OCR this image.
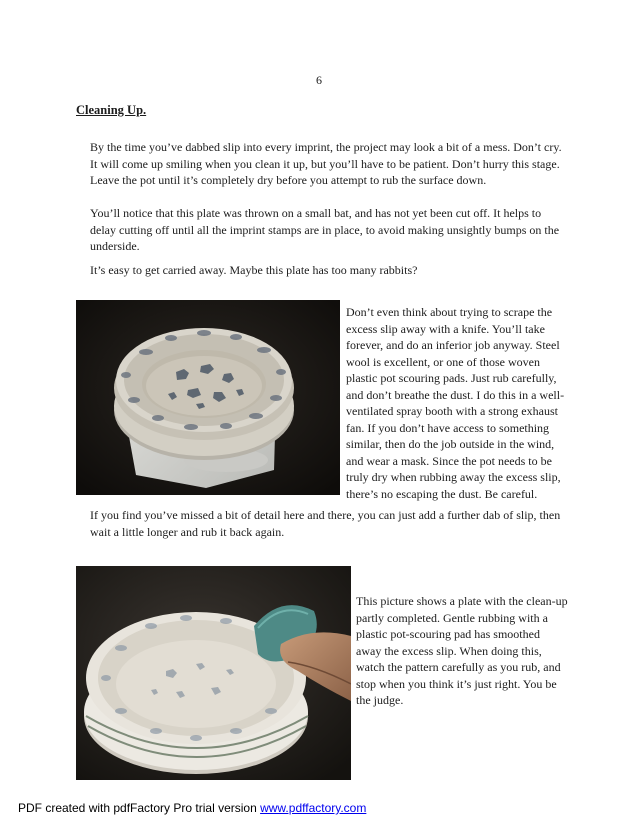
6
Cleaning Up.

By the time you’ve dabbed slip into every imprint, the project may look a bit of a mess. Don’t cry. It will come up smiling when you clean it up, but you’ll have to be patient. Don’t hurry this stage. Leave the pot until it’s completely dry before you attempt to rub the surface down.

You’ll notice that this plate was thrown on a small bat, and has not yet been cut off. It helps to delay cutting off until all the imprint stamps are in place, to avoid making unsightly bumps on the underside.

It’s easy to get carried away. Maybe this plate has too many rabbits?

Don’t even think about trying to scrape the excess slip away with a knife. You’ll take forever, and do an inferior job anyway. Steel wool is excellent, or one of those woven plastic pot scouring pads. Just rub carefully, and don’t breathe the dust. I do this in a well-ventilated spray booth with a strong exhaust fan. If you don’t have access to something similar, then do the job outside in the wind, and wear a mask. Since the pot needs to be truly dry when rubbing away the excess slip, there’s no escaping the dust. Be careful.

If you find you’ve missed a bit of detail here and there, you can just add a further dab of slip, then wait a little longer and rub it back again.

This picture shows a plate with the clean-up partly completed. Gentle rubbing with a plastic pot-scouring pad has smoothed away the excess slip. When doing this, watch the pattern carefully as you rub, and stop when you think it’s just right. You be the judge.
PDF created with pdfFactory Pro trial version www.pdffactory.com
